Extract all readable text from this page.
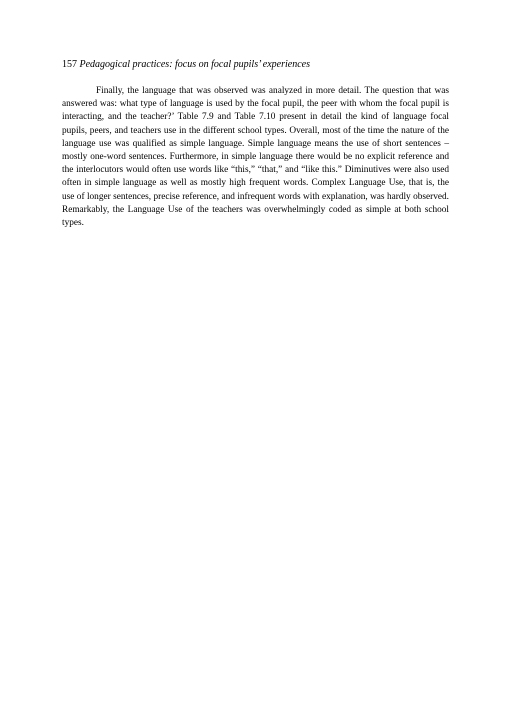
157 Pedagogical practices: focus on focal pupils’ experiences

Finally, the language that was observed was analyzed in more detail. The question that was answered was: what type of language is used by the focal pupil, the peer with whom the focal pupil is interacting, and the teacher?’ Table 7.9 and Table 7.10 present in detail the kind of language focal pupils, peers, and teachers use in the different school types. Overall, most of the time the nature of the language use was qualified as simple language. Simple language means the use of short sentences – mostly one-word sentences. Furthermore, in simple language there would be no explicit reference and the interlocutors would often use words like “this,” “that,” and “like this.” Diminutives were also used often in simple language as well as mostly high frequent words. Complex Language Use, that is, the use of longer sentences, precise reference, and infrequent words with explanation, was hardly observed. Remarkably, the Language Use of the teachers was overwhelmingly coded as simple at both school types.
